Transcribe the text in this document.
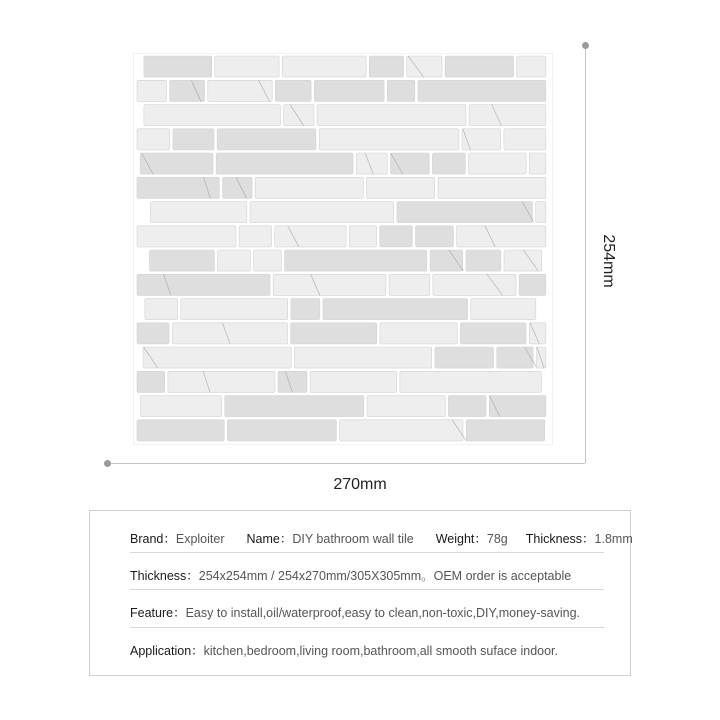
270mm
254mm
Brand：Exploiter Name：DIY bathroom wall tile Weight：78g Thickness：1.8mm
Thickness：254x254mm / 254x270mm/305X305mm。OEM order is acceptable
Feature：Easy to install,oil/waterproof,easy to clean,non-toxic,DIY,money-saving.
Application：kitchen,bedroom,living room,bathroom,all smooth suface indoor.
